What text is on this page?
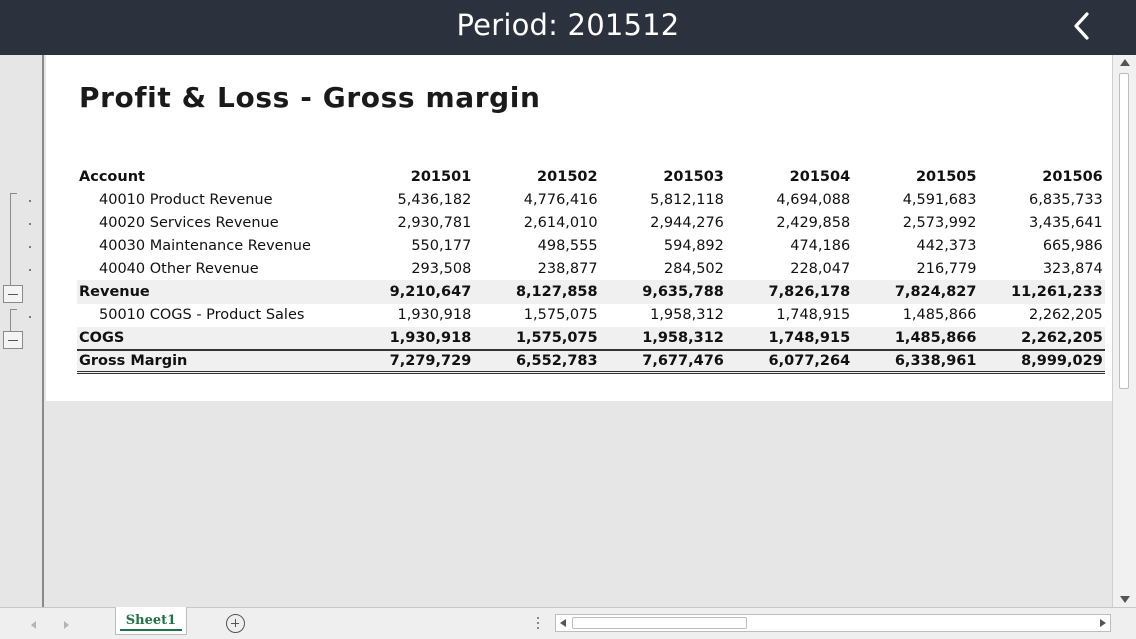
Period: 201512
Profit & Loss - Gross margin
Account	201501	201502	201503	201504	201505	201506
40010 Product Revenue	5,436,182	4,776,416	5,812,118	4,694,088	4,591,683	6,835,733
40020 Services Revenue	2,930,781	2,614,010	2,944,276	2,429,858	2,573,992	3,435,641
40030 Maintenance Revenue	550,177	498,555	594,892	474,186	442,373	665,986
40040 Other Revenue	293,508	238,877	284,502	228,047	216,779	323,874
Revenue	9,210,647	8,127,858	9,635,788	7,826,178	7,824,827	11,261,233
50010 COGS - Product Sales	1,930,918	1,575,075	1,958,312	1,748,915	1,485,866	2,262,205
COGS	1,930,918	1,575,075	1,958,312	1,748,915	1,485,866	2,262,205
Gross Margin	7,279,729	6,552,783	7,677,476	6,077,264	6,338,961	8,999,029
Sheet1
